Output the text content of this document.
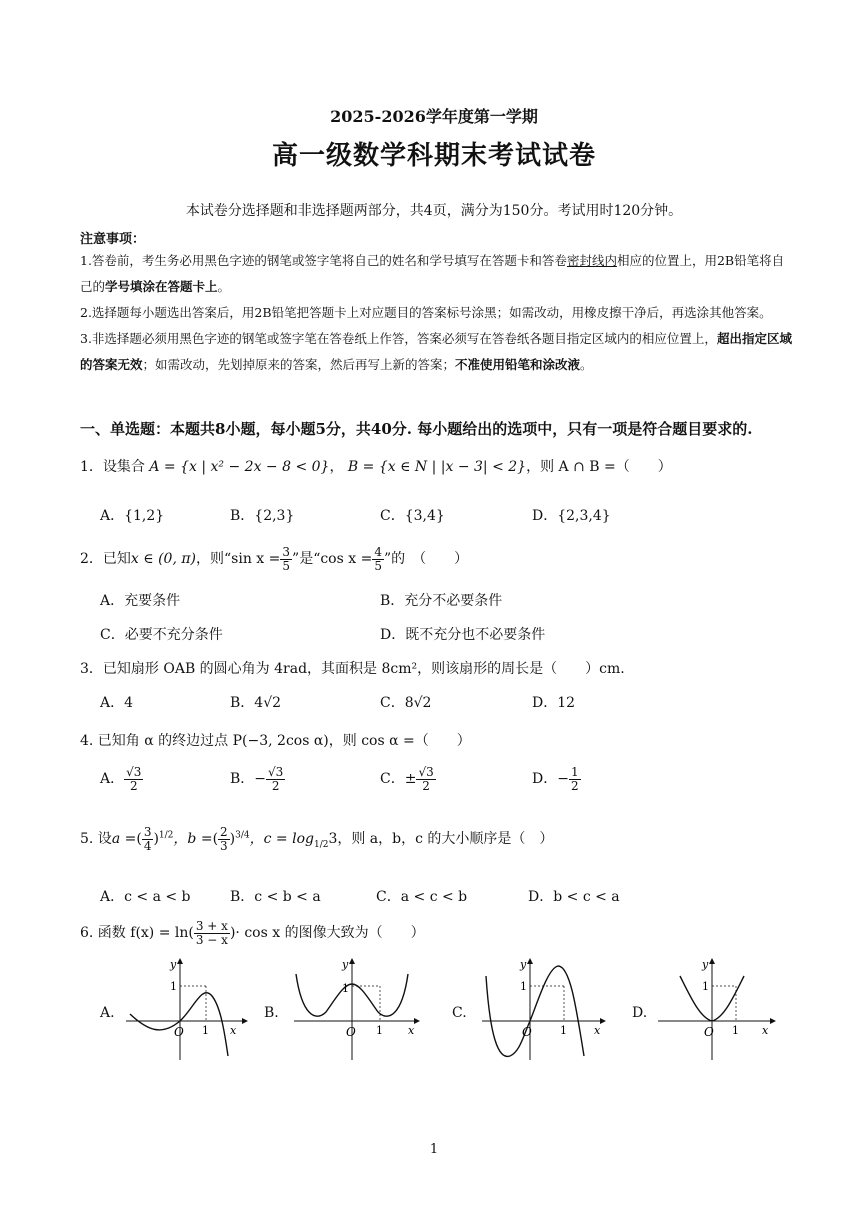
2025-2026学年度第一学期
高一级数学科期末考试试卷
本试卷分选择题和非选择题两部分，共4页，满分为150分。考试用时120分钟。
注意事项：
1.答卷前，考生务必用黑色字迹的钢笔或签字笔将自己的姓名和学号填写在答题卡和答卷密封线内相应的位置上，用2B铅笔将自己的学号填涂在答题卡上。
2.选择题每小题选出答案后，用2B铅笔把答题卡上对应题目的答案标号涂黑；如需改动，用橡皮擦干净后，再选涂其他答案。
3.非选择题必须用黑色字迹的钢笔或签字笔在答卷纸上作答，答案必须写在答卷纸各题目指定区域内的相应位置上，超出指定区域的答案无效；如需改动，先划掉原来的答案，然后再写上新的答案；不准使用铅笔和涂改液。
一、单选题：本题共8小题，每小题5分，共40分. 每小题给出的选项中，只有一项是符合题目要求的.
1．设集合 A = {x | x² − 2x − 8 < 0}， B = {x ∈ N | |x − 3| < 2}，则 A ∩ B =（　　）
A．{1,2}	B．{2,3}	C．{3,4}	D．{2,3,4}
2．已知x ∈ (0, π)，则“sin $x = \frac{3}{5}$ ”是“cos $x = \frac{4}{5}$ ”的　（　　）
A．充要条件	B．充分不必要条件
C．必要不充分条件	D．既不充分也不必要条件
3．已知扇形 OAB 的圆心角为 4rad，其面积是 8cm²，则该扇形的周长是（　　）cm.
A．4	B．4√2	C．8√2	D．12
4. 已知角 α 的终边过点 P(−3, 2cos α)，则 cos α =（　　）
A． $\frac{√3}{2}$	B．− $\frac{√3}{2}$	C．± $\frac{√3}{2}$	D．− $\frac{1}{2}$
5. 设a =( $\frac{3}{4} )^{1/2}$，b =( $\frac{2}{3} )^{3/4}$，$c = \log_{1/2}3$，则 a，b，c 的大小顺序是（　）
A．c < a < b	B．c < b < a	C．a < c < b	D．b < c < a
6. 函数 $f(x) = \ln( \frac{3 + x}{3 - x}$ )· cos x 的图像大致为（　　）
A.
y
1
O 1 x
B.
y
1
O 1 x
C.
y
1
O	1 x
D.
y
1
O 1 x
1
